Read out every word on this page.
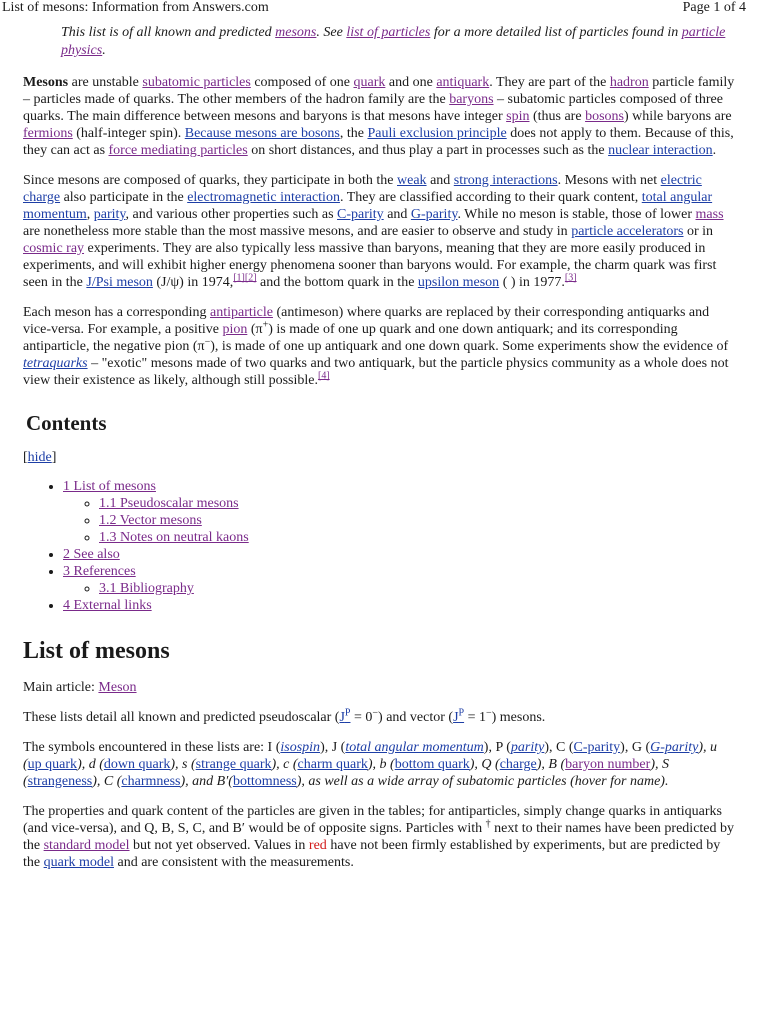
List of mesons: Information from Answers.com	Page 1 of 4
This list is of all known and predicted mesons. See list of particles for a more detailed list of particles found in particle physics.

Mesons are unstable subatomic particles composed of one quark and one antiquark. They are part of the hadron particle family – particles made of quarks. The other members of the hadron family are the baryons – subatomic particles composed of three quarks. The main difference between mesons and baryons is that mesons have integer spin (thus are bosons) while baryons are fermions (half-integer spin). Because mesons are bosons, the Pauli exclusion principle does not apply to them. Because of this, they can act as force mediating particles on short distances, and thus play a part in processes such as the nuclear interaction.

Since mesons are composed of quarks, they participate in both the weak and strong interactions. Mesons with net electric charge also participate in the electromagnetic interaction. They are classified according to their quark content, total angular momentum, parity, and various other properties such as C-parity and G-parity. While no meson is stable, those of lower mass are nonetheless more stable than the most massive mesons, and are easier to observe and study in particle accelerators or in cosmic ray experiments. They are also typically less massive than baryons, meaning that they are more easily produced in experiments, and will exhibit higher energy phenomena sooner than baryons would. For example, the charm quark was first seen in the J/Psi meson (J/ψ) in 1974,[1][2] and the bottom quark in the upsilon meson ( ) in 1977.[3]

Each meson has a corresponding antiparticle (antimeson) where quarks are replaced by their corresponding antiquarks and vice-versa. For example, a positive pion (π+) is made of one up quark and one down antiquark; and its corresponding antiparticle, the negative pion (π−), is made of one up antiquark and one down quark. Some experiments show the evidence of tetraquarks – "exotic" mesons made of two quarks and two antiquark, but the particle physics community as a whole does not view their existence as likely, although still possible.[4]

Contents
[hide]
• 1 List of mesons
◦ 1.1 Pseudoscalar mesons
◦ 1.2 Vector mesons
◦ 1.3 Notes on neutral kaons
• 2 See also
• 3 References
◦ 3.1 Bibliography
• 4 External links
List of mesons

Main article: Meson

These lists detail all known and predicted pseudoscalar $(J^P = 0^-)$ and vector $(J^P = 1^-)$ mesons.

The symbols encountered in these lists are: I (isospin), J (total angular momentum), P (parity), C (C-parity), G (G-parity), u (up quark), d (down quark), s (strange quark), c (charm quark), b (bottom quark), Q (charge), B (baryon number), S (strangeness), C (charmness), and B′(bottomness), as well as a wide array of subatomic particles (hover for name).

The properties and quark content of the particles are given in the tables; for antiparticles, simply change quarks in antiquarks (and vice-versa), and Q, B, S, C, and B′ would be of opposite signs. Particles with † next to their names have been predicted by the standard model but not yet observed. Values in red have not been firmly established by experiments, but are predicted by the quark model and are consistent with the measurements.
